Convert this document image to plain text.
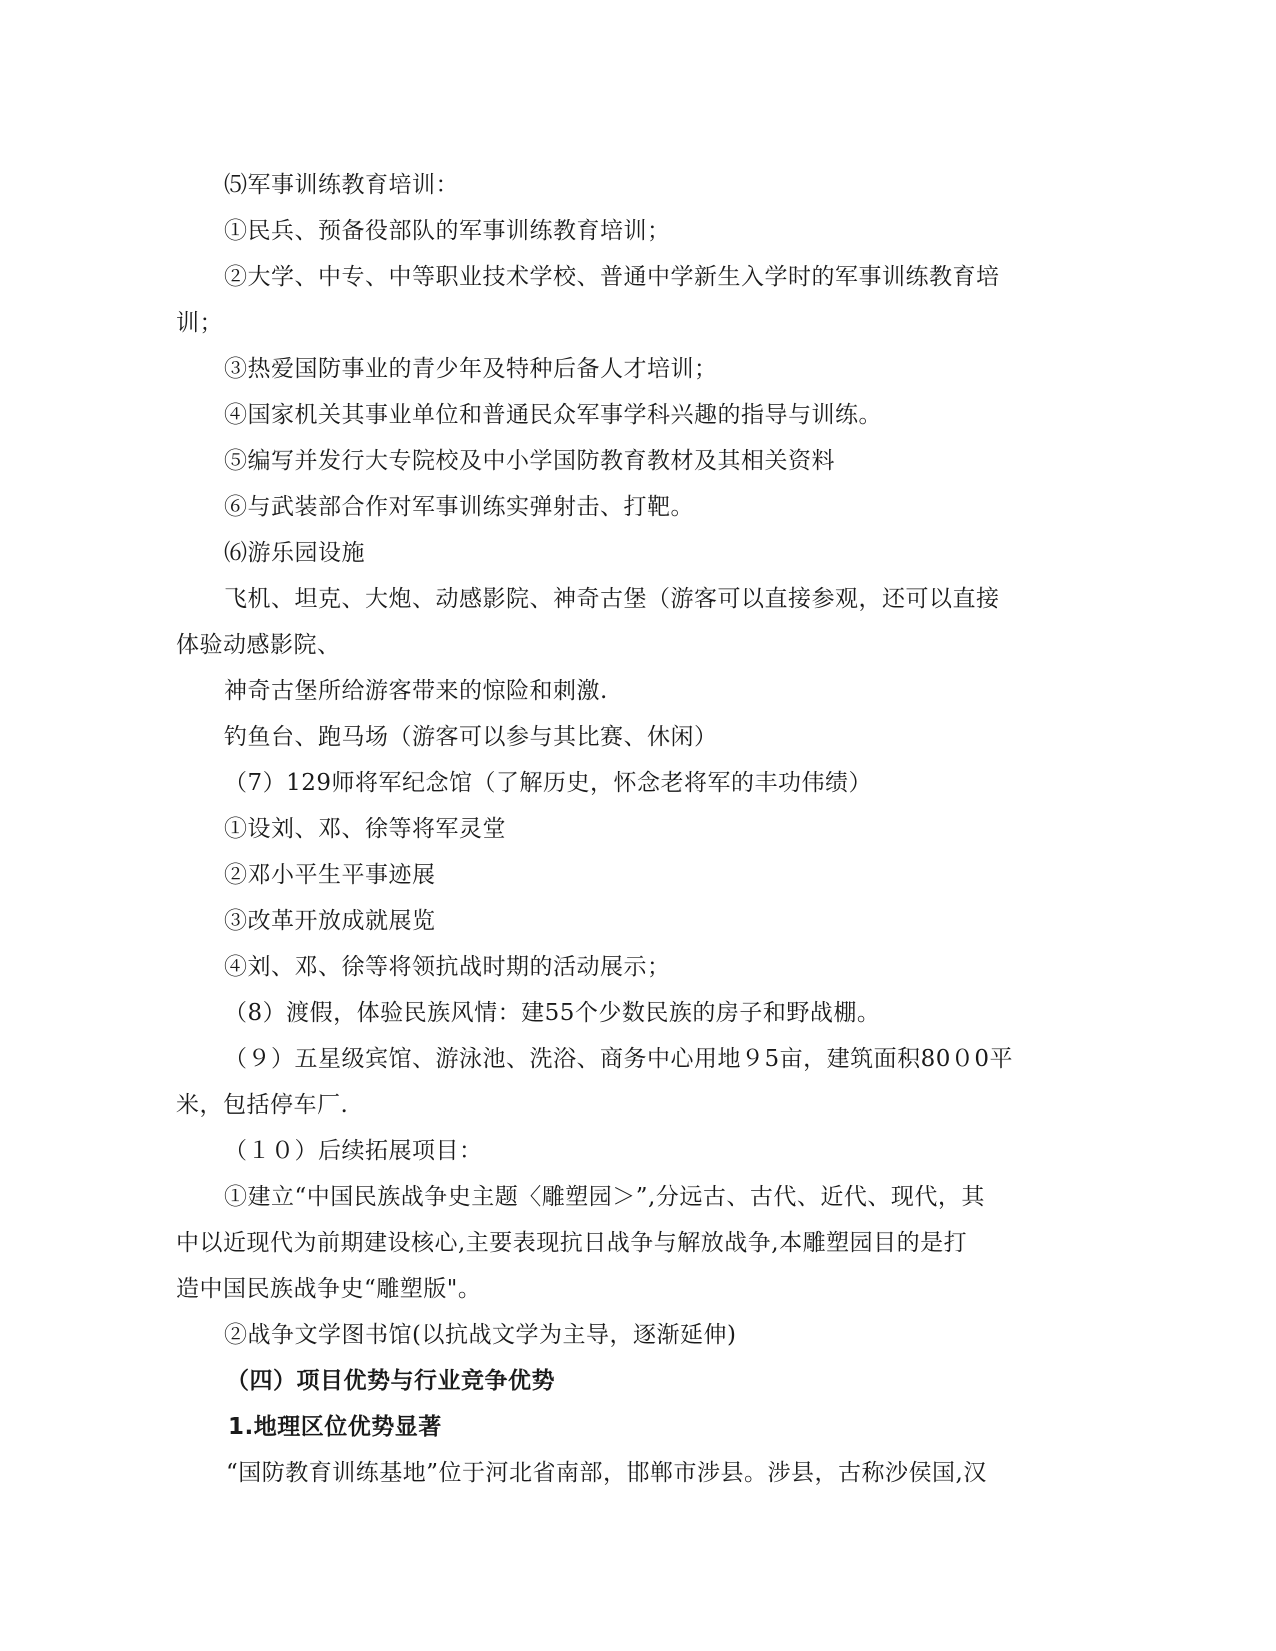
⑸军事训练教育培训：
①民兵、预备役部队的军事训练教育培训；
②大学、中专、中等职业技术学校、普通中学新生入学时的军事训练教育培
训；
③热爱国防事业的青少年及特种后备人才培训；
④国家机关其事业单位和普通民众军事学科兴趣的指导与训练。
⑤编写并发行大专院校及中小学国防教育教材及其相关资料
⑥与武装部合作对军事训练实弹射击、打靶。
⑹游乐园设施
飞机、坦克、大炮、动感影院、神奇古堡（游客可以直接参观，还可以直接
体验动感影院、
神奇古堡所给游客带来的惊险和刺激.
钓鱼台、跑马场（游客可以参与其比赛、休闲）
（7）129师将军纪念馆（了解历史，怀念老将军的丰功伟绩）
①设刘、邓、徐等将军灵堂
②邓小平生平事迹展
③改革开放成就展览
④刘、邓、徐等将领抗战时期的活动展示；
（8）渡假，体验民族风情：建55个少数民族的房子和野战棚。
（９）五星级宾馆、游泳池、洗浴、商务中心用地９5亩，建筑面积80０0平
米，包括停车厂.
（１０）后续拓展项目：
①建立“中国民族战争史主题〈雕塑园＞”,分远古、古代、近代、现代，其
中以近现代为前期建设核心,主要表现抗日战争与解放战争,本雕塑园目的是打
造中国民族战争史“雕塑版"。
②战争文学图书馆(以抗战文学为主导，逐渐延伸)
（四）项目优势与行业竞争优势
1.地理区位优势显著
“国防教育训练基地”位于河北省南部，邯郸市涉县。涉县，古称沙侯国,汉
